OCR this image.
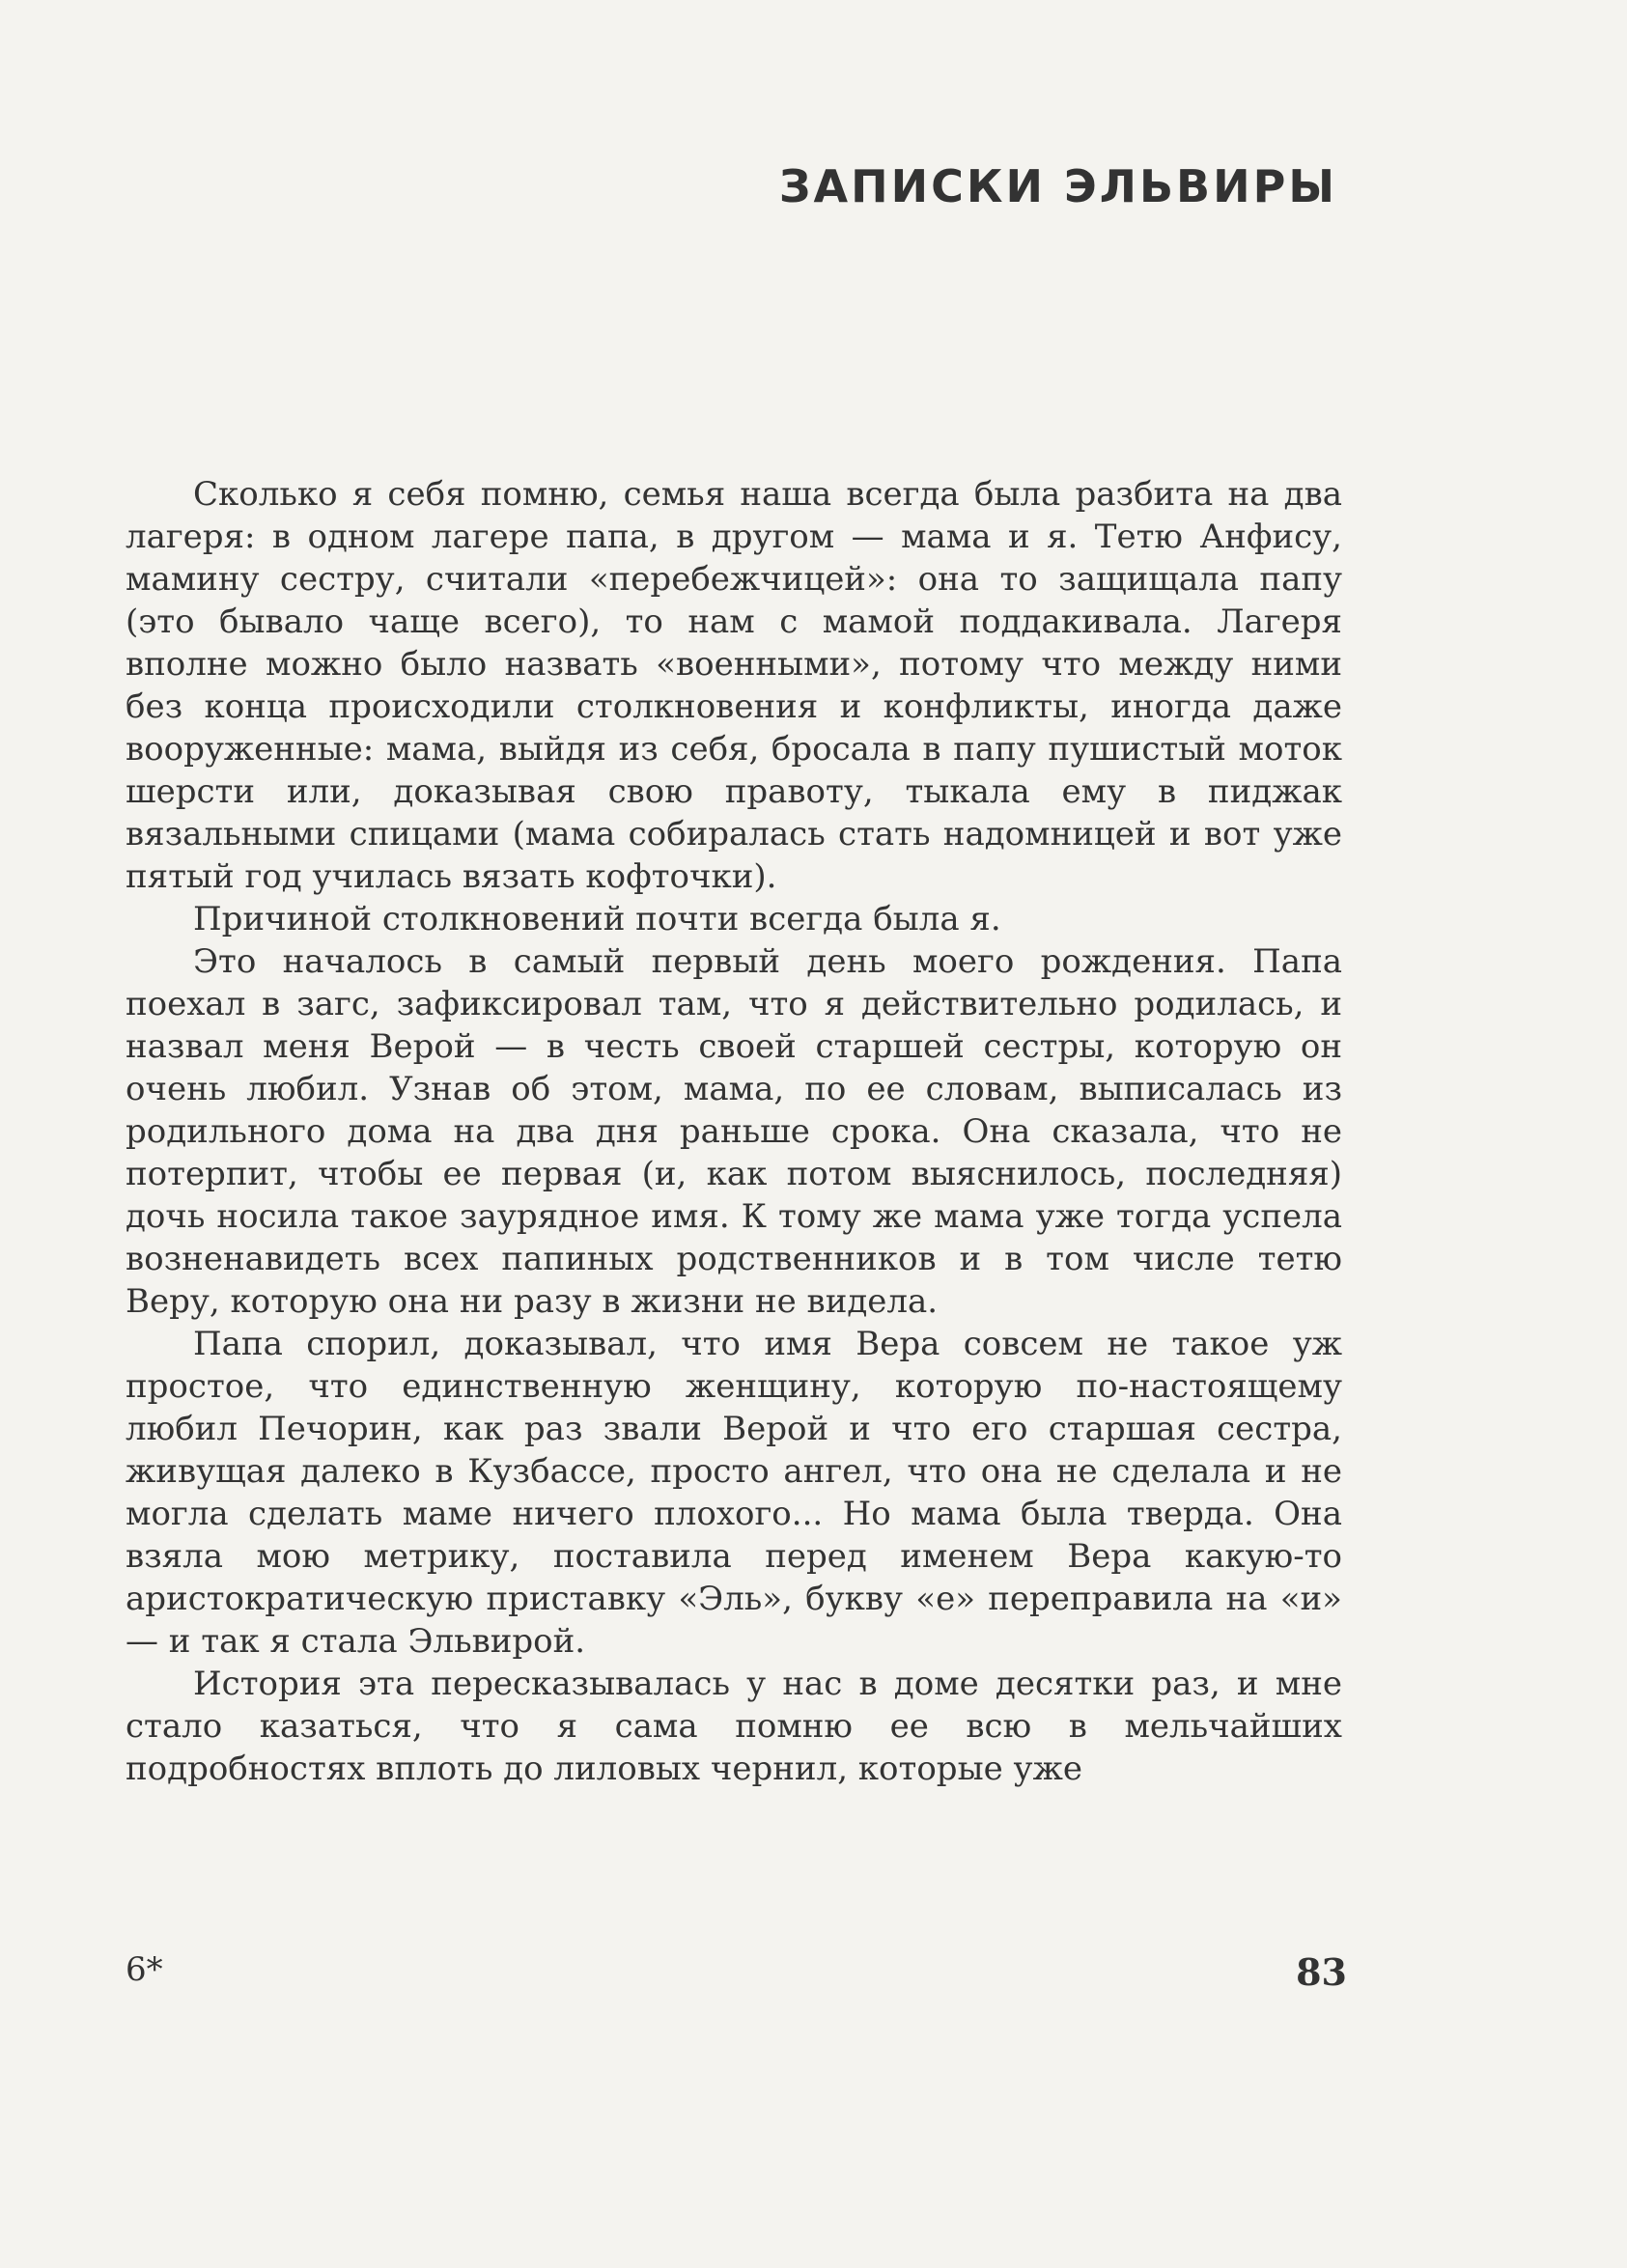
ЗАПИСКИ ЭЛЬВИРЫ

Сколько я себя помню, семья наша всегда была разбита на два лагеря: в одном лагере папа, в другом — мама и я. Тетю Анфису, мамину сестру, считали «перебежчицей»: она то защищала папу (это бывало чаще всего), то нам с мамой поддакивала. Лагеря вполне можно было назвать «военными», потому что между ними без конца происходили столкновения и конфликты, иногда даже вооруженные: мама, выйдя из себя, бросала в папу пушистый моток шерсти или, доказывая свою правоту, тыкала ему в пиджак вязальными спицами (мама собиралась стать надомницей и вот уже пятый год училась вязать кофточки).

Причиной столкновений почти всегда была я.

Это началось в самый первый день моего рождения. Папа поехал в загс, зафиксировал там, что я действительно родилась, и назвал меня Верой — в честь своей старшей сестры, которую он очень любил. Узнав об этом, мама, по ее словам, выписалась из родильного дома на два дня раньше срока. Она сказала, что не потерпит, чтобы ее первая (и, как потом выяснилось, последняя) дочь носила такое заурядное имя. К тому же мама уже тогда успела возненавидеть всех папиных родственников и в том числе тетю Веру, которую она ни разу в жизни не видела.

Папа спорил, доказывал, что имя Вера совсем не такое уж простое, что единственную женщину, которую по-настоящему любил Печорин, как раз звали Верой и что его старшая сестра, живущая далеко в Кузбассе, просто ангел, что она не сделала и не могла сделать маме ничего плохого... Но мама была тверда. Она взяла мою метрику, поставила перед именем Вера какую-то аристократическую приставку «Эль», букву «е» переправила на «и» — и так я стала Эльвирой.

История эта пересказывалась у нас в доме десятки раз, и мне стало казаться, что я сама помню ее всю в мельчайших подробностях вплоть до лиловых чернил, которые уже

6*	83
